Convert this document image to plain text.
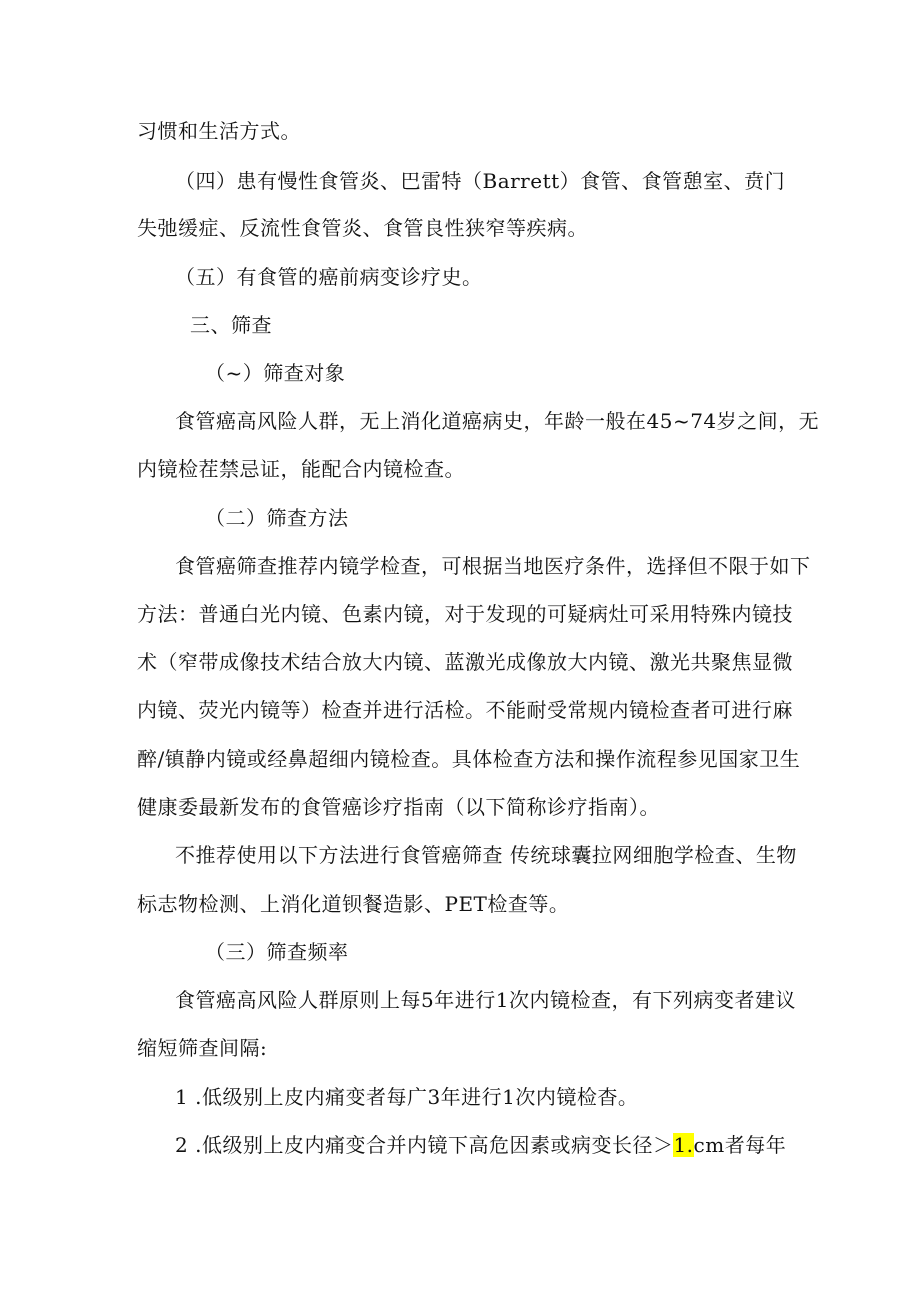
习惯和生活方式。
（四）患有慢性食管炎、巴雷特（Barrett）食管、食管憩室、贲门
失弛缓症、反流性食管炎、食管良性狭窄等疾病。
（五）有食管的癌前病变诊疗史。
三、筛查
（~）筛查对象
食管癌高风险人群，无上消化道癌病史，年龄一般在45~74岁之间，无
内镜检茬禁忌证，能配合内镜检查。
（二）筛查方法
食管癌筛查推荐内镜学检查，可根据当地医疗条件，选择但不限于如下
方法：普通白光内镜、色素内镜，对于发现的可疑病灶可采用特殊内镜技
术（窄带成像技术结合放大内镜、蓝激光成像放大内镜、激光共聚焦显微
内镜、荧光内镜等）检查并进行活检。不能耐受常规内镜检查者可进行麻
醉/镇静内镜或经鼻超细内镜检查。具体检查方法和操作流程参见国家卫生
健康委最新发布的食管癌诊疗指南（以下简称诊疗指南）。
不推荐使用以下方法进行食管癌筛查 传统球囊拉网细胞学检查、生物
标志物检测、上消化道钡餐造影、PET检查等。
（三）筛查频率
食管癌高风险人群原则上每5年进行1次内镜检查，有下列病变者建议
缩短筛查间隔:
1 .低级别上皮内痛变者每广3年进行1次内镜检杳。
2 .低级别上皮内痛变合并内镜下高危因素或病变长径＞1.cm者每年
